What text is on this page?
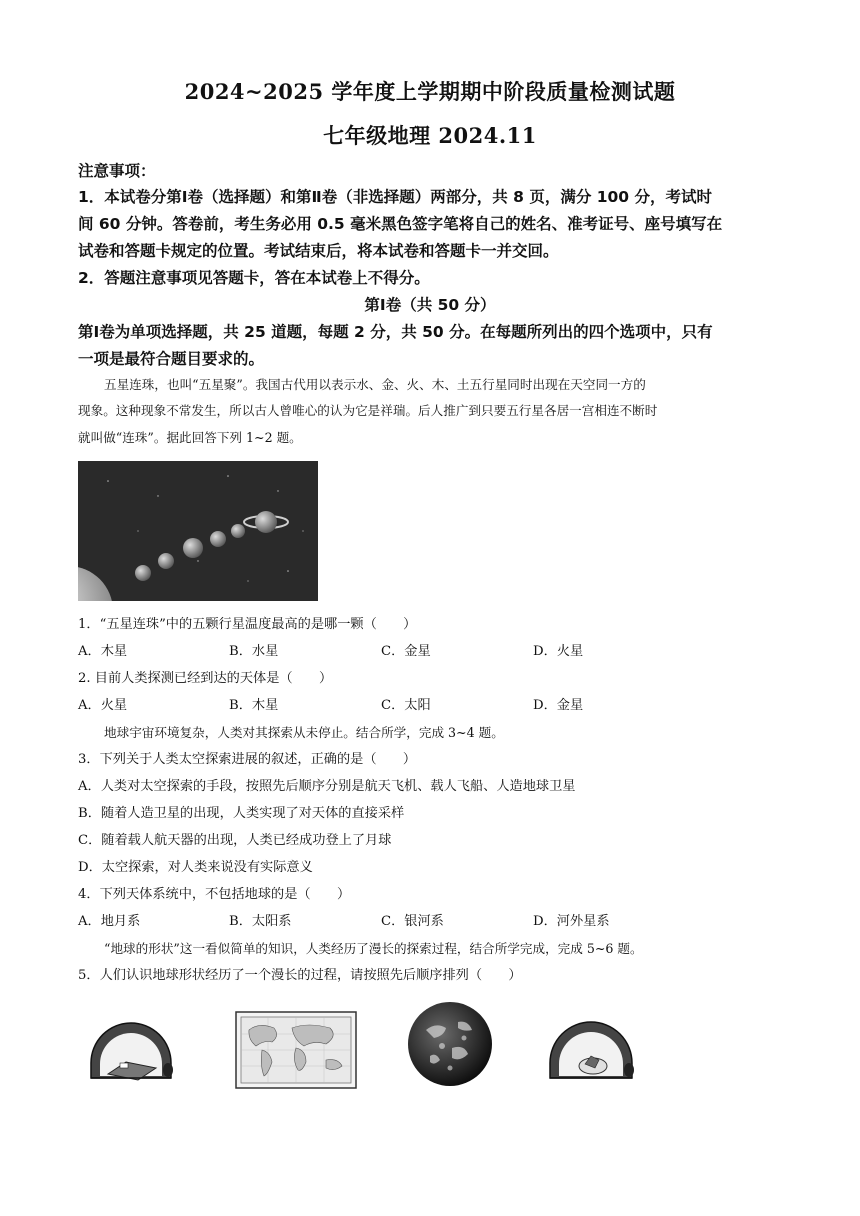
2024~2025 学年度上学期期中阶段质量检测试题
七年级地理 2024.11
注意事项：
1．本试卷分第Ⅰ卷（选择题）和第Ⅱ卷（非选择题）两部分，共 8 页，满分 100 分，考试时
间 60 分钟。答卷前，考生务必用 0.5 毫米黑色签字笔将自己的姓名、准考证号、座号填写在
试卷和答题卡规定的位置。考试结束后，将本试卷和答题卡一并交回。
2．答题注意事项见答题卡，答在本试卷上不得分。
第Ⅰ卷（共 50 分）
第Ⅰ卷为单项选择题，共 25 道题，每题 2 分，共 50 分。在每题所列出的四个选项中，只有
一项是最符合题目要求的。
五星连珠，也叫“五星聚”。我国古代用以表示水、金、火、木、土五行星同时出现在天空同一方的
现象。这种现象不常发生，所以古人曾唯心的认为它是祥瑞。后人推广到只要五行星各居一宫相连不断时
就叫做“连珠”。据此回答下列 1~2 题。
1．“五星连珠”中的五颗行星温度最高的是哪一颗（　　）
A．木星	B．水星	C．金星	D．火星
2. 目前人类探测已经到达的天体是（　　）
A．火星	B．木星	C．太阳	D．金星
地球宇宙环境复杂，人类对其探索从未停止。结合所学，完成 3~4 题。
3．下列关于人类太空探索进展的叙述，正确的是（　　）
A．人类对太空探索的手段，按照先后顺序分别是航天飞机、载人飞船、人造地球卫星
B．随着人造卫星的出现，人类实现了对天体的直接采样
C．随着载人航天器的出现，人类已经成功登上了月球
D．太空探索，对人类来说没有实际意义
4．下列天体系统中，不包括地球的是（　　）
A．地月系	B．太阳系	C．银河系	D．河外星系
“地球的形状”这一看似简单的知识，人类经历了漫长的探索过程，结合所学完成，完成 5~6 题。
5．人们认识地球形状经历了一个漫长的过程，请按照先后顺序排列（　　）
